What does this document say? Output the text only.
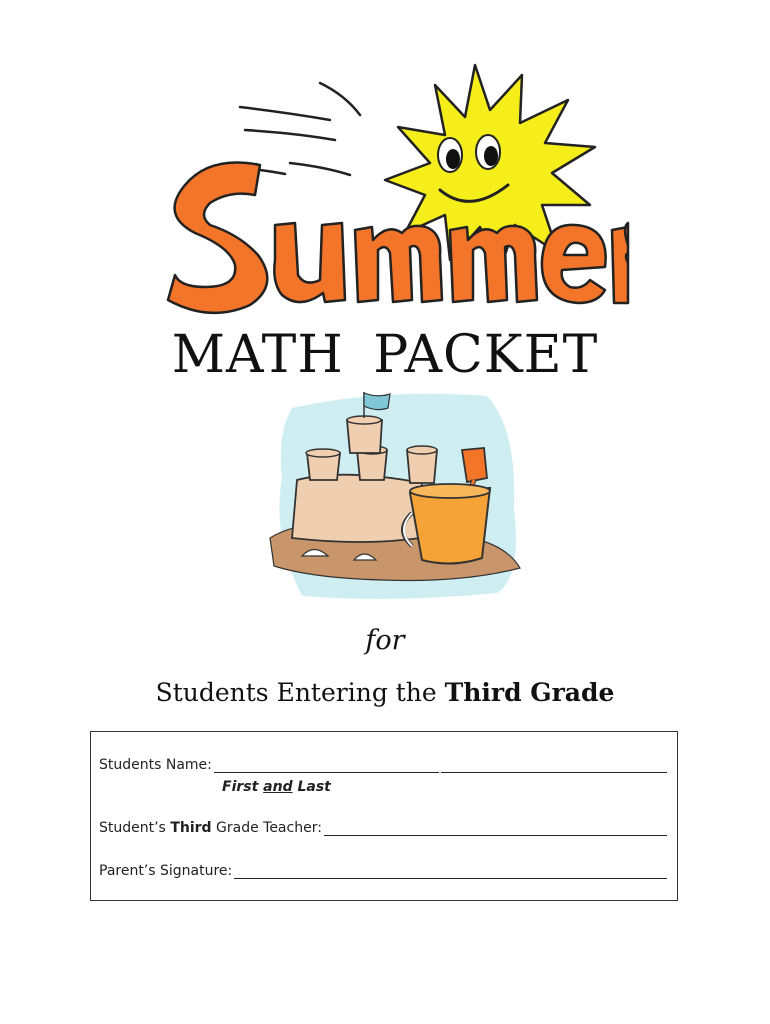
MATH PACKET
for
Students Entering the Third Grade
Students Name:
First and Last
Student’s Third Grade Teacher:
Parent’s Signature:
